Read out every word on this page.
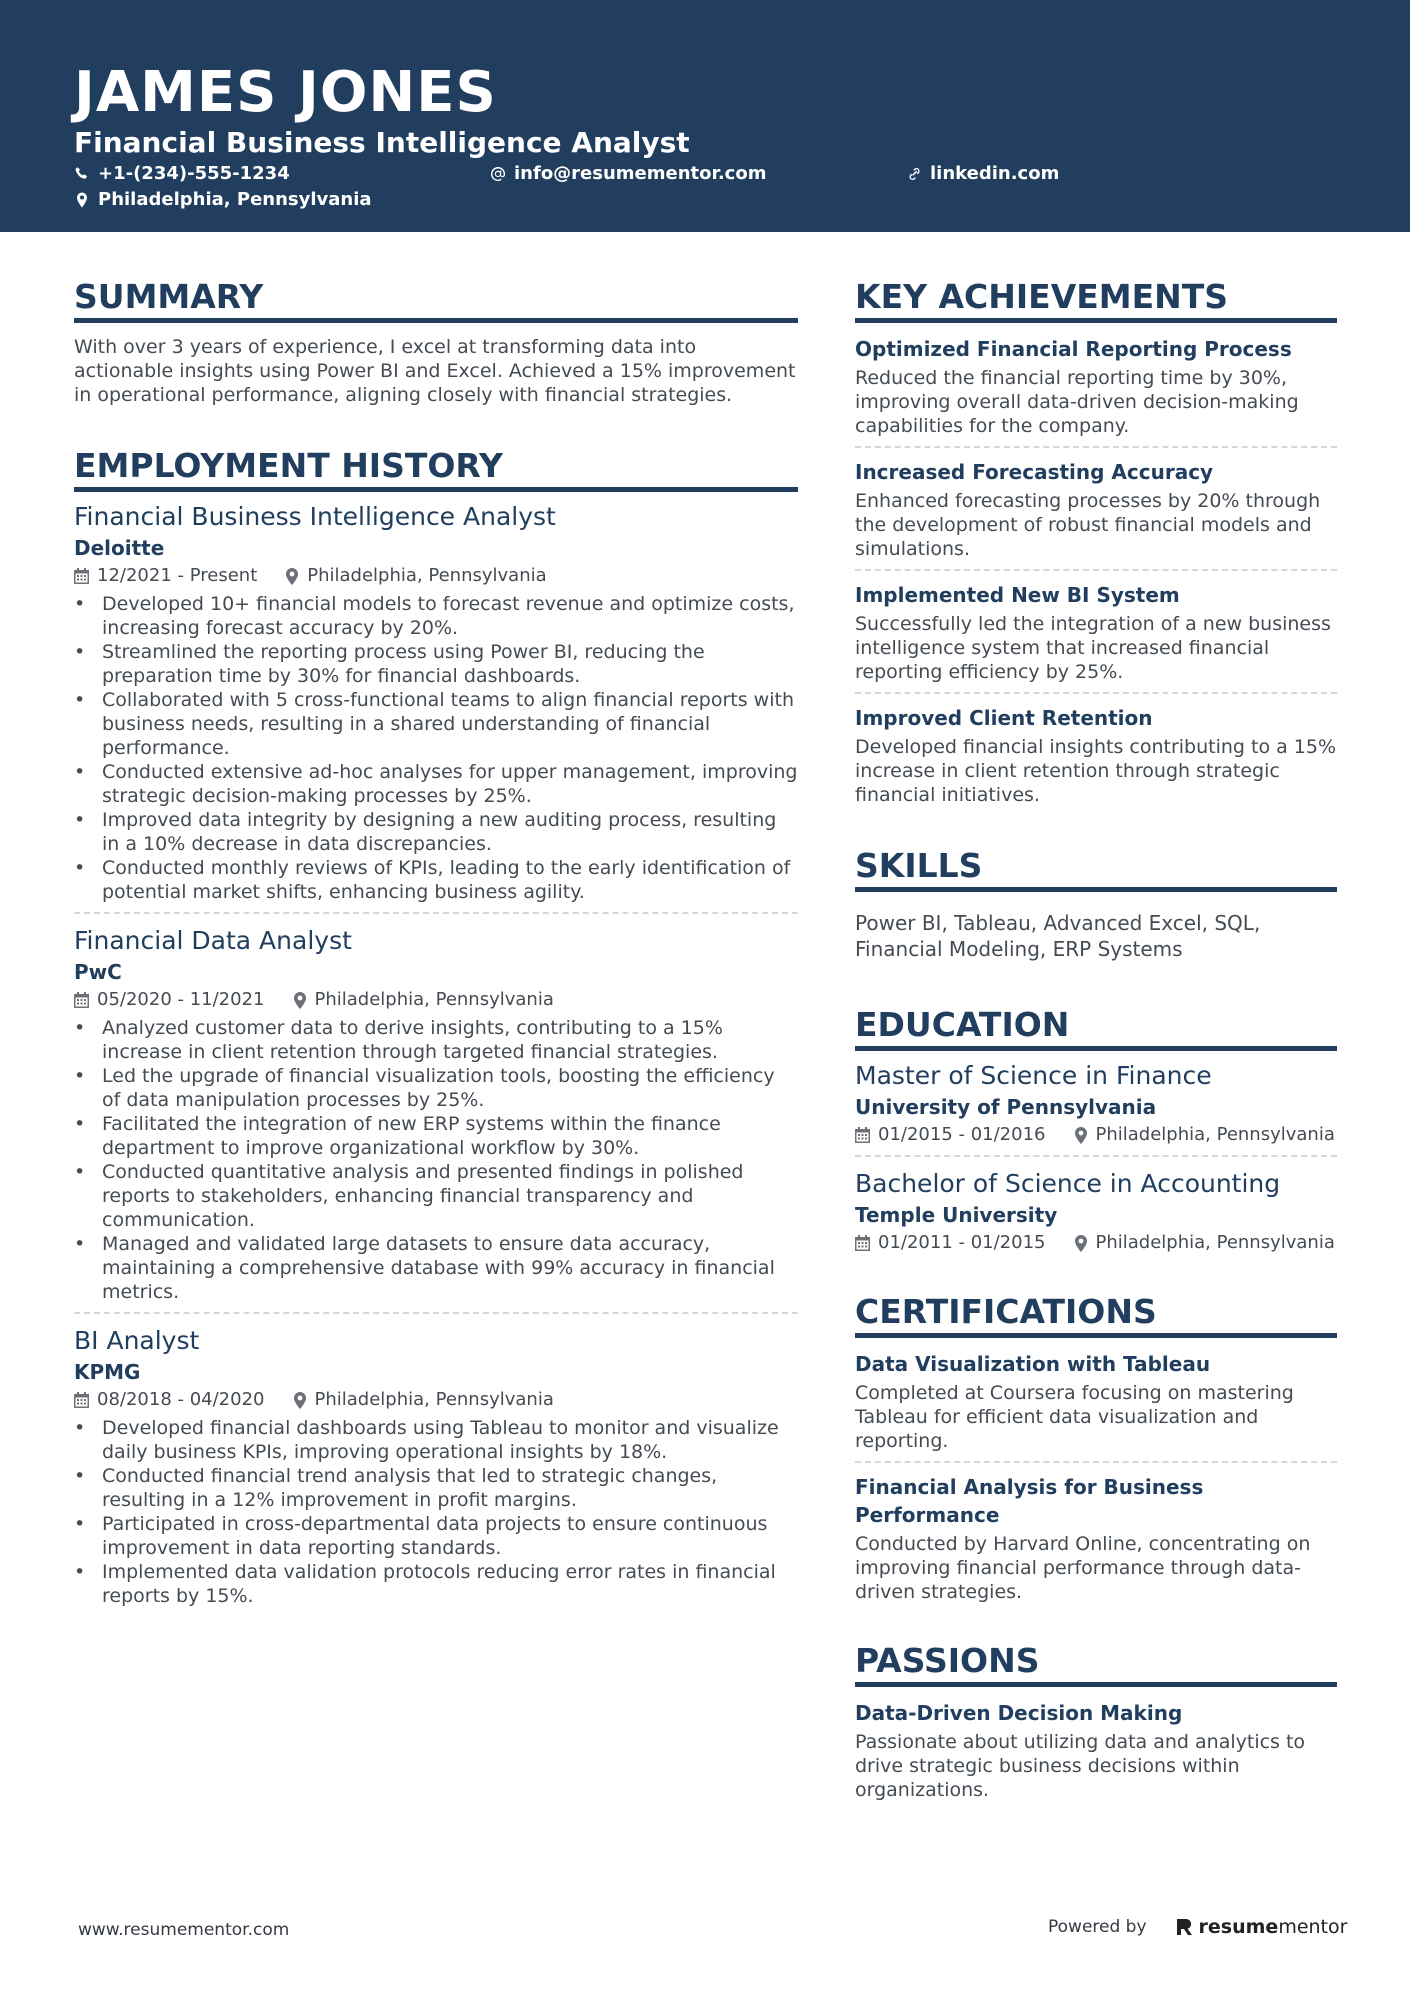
JAMES JONES
Financial Business Intelligence Analyst
+1-(234)-555-1234	info@resumementor.com	linkedin.com
Philadelphia, Pennsylvania
SUMMARY
With over 3 years of experience, I excel at transforming data into actionable insights using Power BI and Excel. Achieved a 15% improvement in operational performance, aligning closely with financial strategies.
EMPLOYMENT HISTORY
Financial Business Intelligence Analyst
Deloitte
12/2021 - Present	Philadelphia, Pennsylvania
• Developed 10+ financial models to forecast revenue and optimize costs, increasing forecast accuracy by 20%.
• Streamlined the reporting process using Power BI, reducing the preparation time by 30% for financial dashboards.
• Collaborated with 5 cross-functional teams to align financial reports with business needs, resulting in a shared understanding of financial performance.
• Conducted extensive ad-hoc analyses for upper management, improving strategic decision-making processes by 25%.
• Improved data integrity by designing a new auditing process, resulting in a 10% decrease in data discrepancies.
• Conducted monthly reviews of KPIs, leading to the early identification of potential market shifts, enhancing business agility.
Financial Data Analyst
PwC
05/2020 - 11/2021	Philadelphia, Pennsylvania
• Analyzed customer data to derive insights, contributing to a 15% increase in client retention through targeted financial strategies.
• Led the upgrade of financial visualization tools, boosting the efficiency of data manipulation processes by 25%.
• Facilitated the integration of new ERP systems within the finance department to improve organizational workflow by 30%.
• Conducted quantitative analysis and presented findings in polished reports to stakeholders, enhancing financial transparency and communication.
• Managed and validated large datasets to ensure data accuracy, maintaining a comprehensive database with 99% accuracy in financial metrics.
BI Analyst
KPMG
08/2018 - 04/2020	Philadelphia, Pennsylvania
• Developed financial dashboards using Tableau to monitor and visualize daily business KPIs, improving operational insights by 18%.
• Conducted financial trend analysis that led to strategic changes, resulting in a 12% improvement in profit margins.
• Participated in cross-departmental data projects to ensure continuous improvement in data reporting standards.
• Implemented data validation protocols reducing error rates in financial reports by 15%.
KEY ACHIEVEMENTS
Optimized Financial Reporting Process
Reduced the financial reporting time by 30%, improving overall data-driven decision-making capabilities for the company.
Increased Forecasting Accuracy
Enhanced forecasting processes by 20% through the development of robust financial models and simulations.
Implemented New BI System
Successfully led the integration of a new business intelligence system that increased financial reporting efficiency by 25%.
Improved Client Retention
Developed financial insights contributing to a 15% increase in client retention through strategic financial initiatives.
SKILLS
Power BI, Tableau, Advanced Excel, SQL, Financial Modeling, ERP Systems
EDUCATION
Master of Science in Finance
University of Pennsylvania
01/2015 - 01/2016	Philadelphia, Pennsylvania
Bachelor of Science in Accounting
Temple University
01/2011 - 01/2015	Philadelphia, Pennsylvania
CERTIFICATIONS
Data Visualization with Tableau
Completed at Coursera focusing on mastering Tableau for efficient data visualization and reporting.
Financial Analysis for Business Performance
Conducted by Harvard Online, concentrating on improving financial performance through data-driven strategies.
PASSIONS
Data-Driven Decision Making
Passionate about utilizing data and analytics to drive strategic business decisions within organizations.
www.resumementor.com	Powered by	resume mentor
